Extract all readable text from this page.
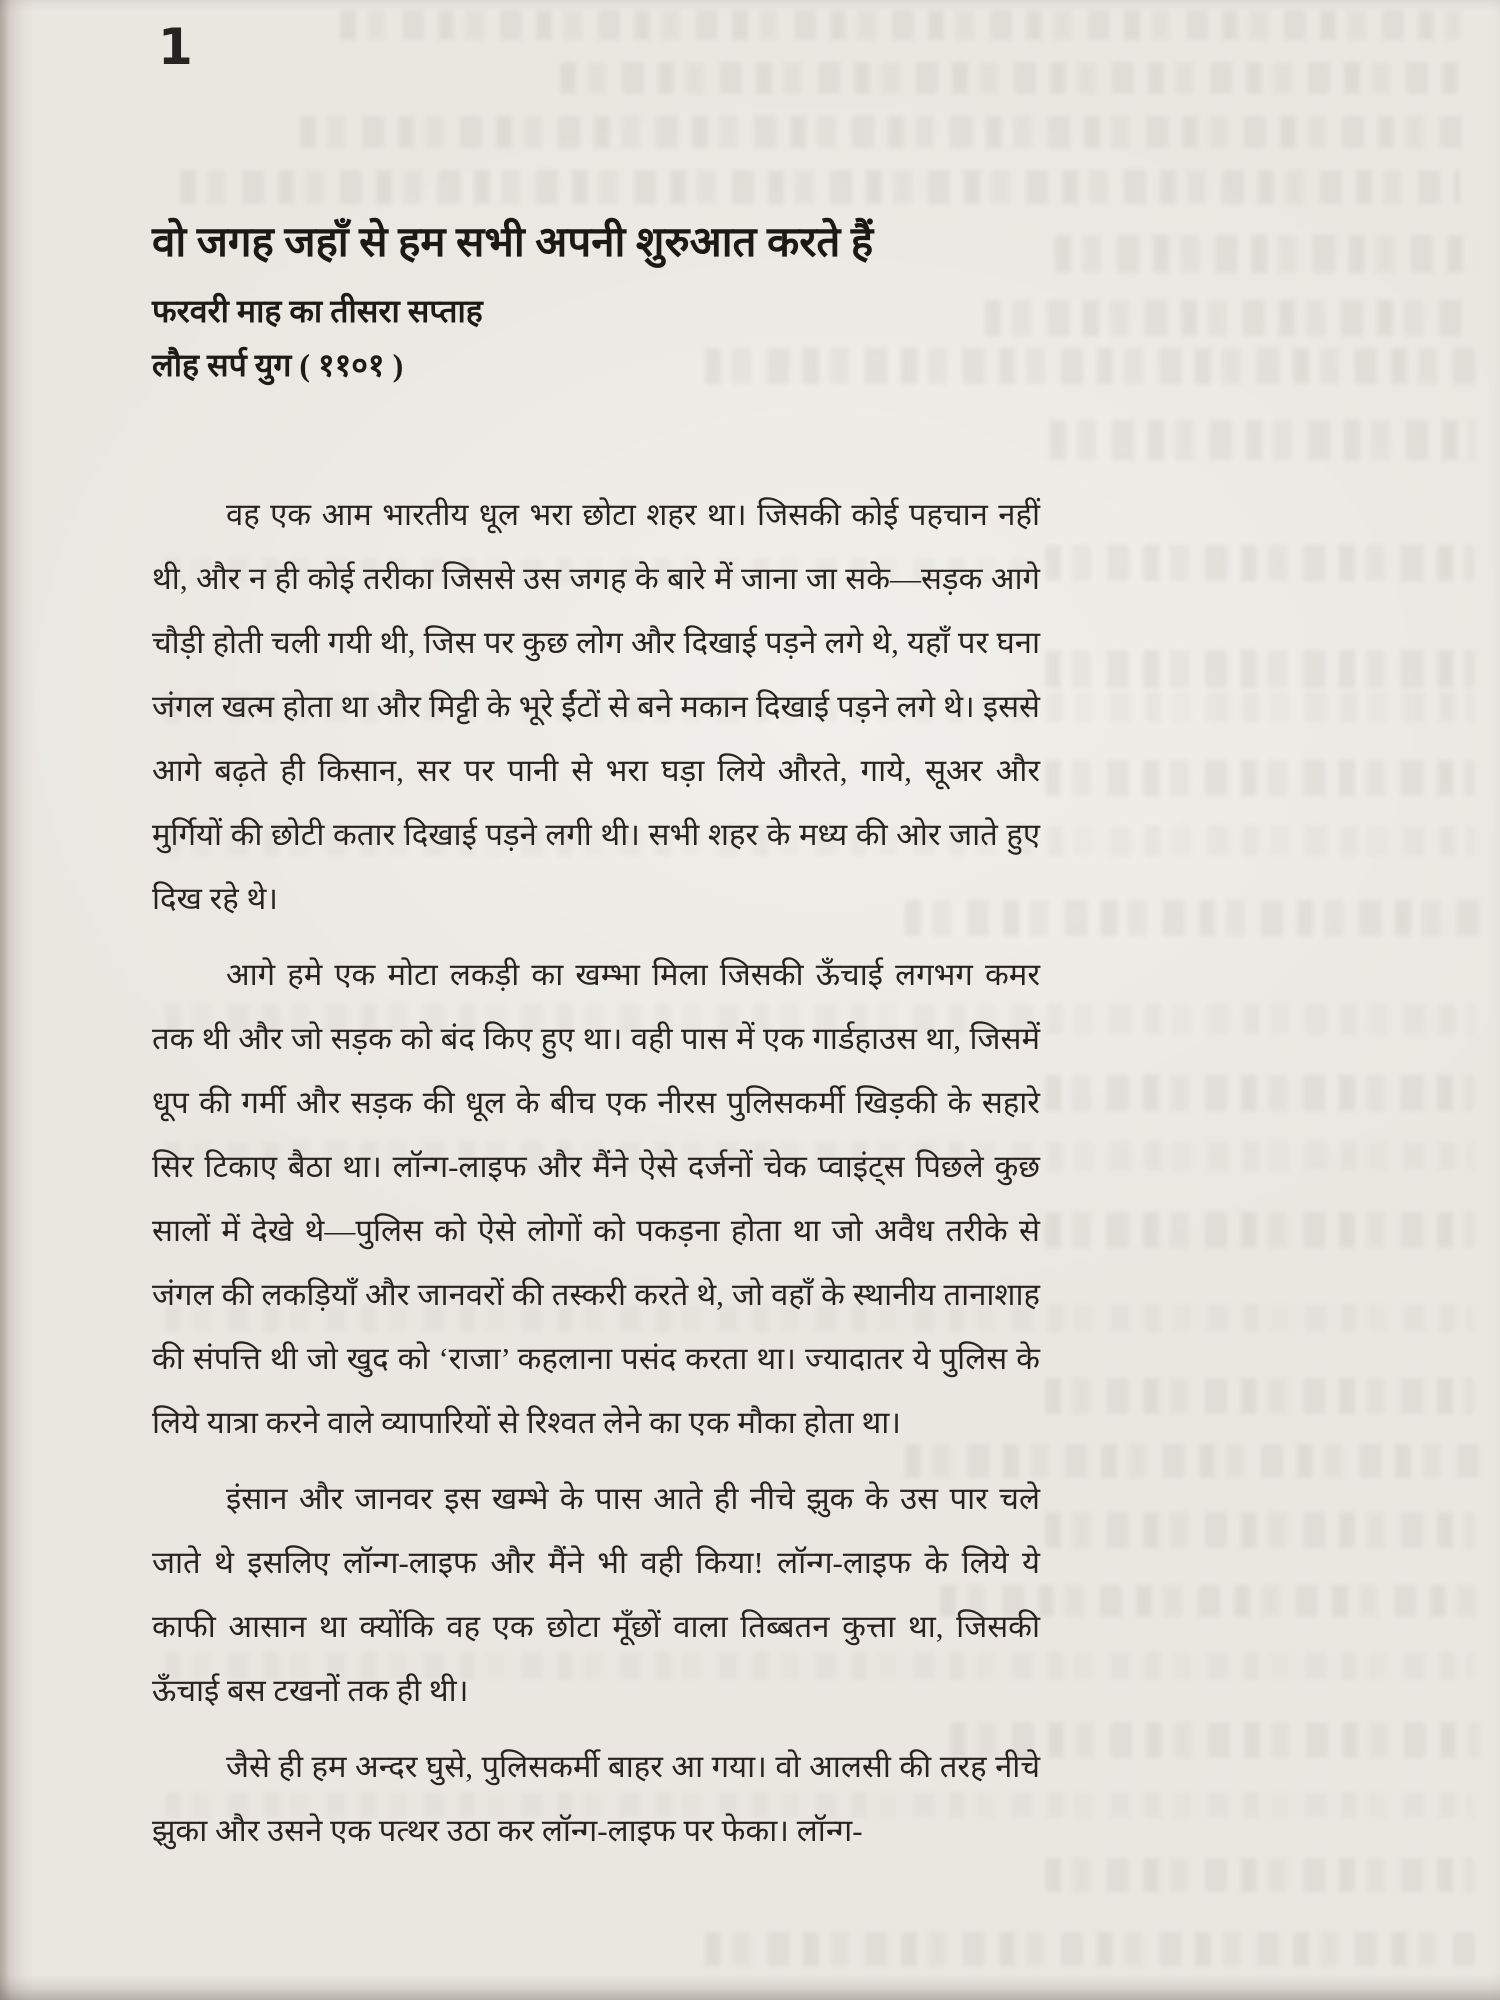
1
वो जगह जहाँ से हम सभी अपनी शुरुआत करते हैं
फरवरी माह का तीसरा सप्ताह
लौह सर्प युग ( ११०१ )

वह एक आम भारतीय धूल भरा छोटा शहर था। जिसकी कोई पहचान नहीं थी, और न ही कोई तरीका जिससे उस जगह के बारे में जाना जा सके—सड़क आगे चौड़ी होती चली गयी थी, जिस पर कुछ लोग और दिखाई पड़ने लगे थे, यहाँ पर घना जंगल खत्म होता था और मिट्टी के भूरे ईंटों से बने मकान दिखाई पड़ने लगे थे। इससे आगे बढ़ते ही किसान, सर पर पानी से भरा घड़ा लिये औरते, गाये, सूअर और मुर्गियों की छोटी कतार दिखाई पड़ने लगी थी। सभी शहर के मध्य की ओर जाते हुए दिख रहे थे।

आगे हमे एक मोटा लकड़ी का खम्भा मिला जिसकी ऊँचाई लगभग कमर तक थी और जो सड़क को बंद किए हुए था। वही पास में एक गार्डहाउस था, जिसमें धूप की गर्मी और सड़क की धूल के बीच एक नीरस पुलिसकर्मी खिड़की के सहारे सिर टिकाए बैठा था। लॉन्ग-लाइफ और मैंने ऐसे दर्जनों चेक प्वाइंट्स पिछले कुछ सालों में देखे थे—पुलिस को ऐसे लोगों को पकड़ना होता था जो अवैध तरीके से जंगल की लकड़ियाँ और जानवरों की तस्करी करते थे, जो वहाँ के स्थानीय तानाशाह की संपत्ति थी जो खुद को ‘राजा’ कहलाना पसंद करता था। ज्यादातर ये पुलिस के लिये यात्रा करने वाले व्यापारियों से रिश्वत लेने का एक मौका होता था।

इंसान और जानवर इस खम्भे के पास आते ही नीचे झुक के उस पार चले जाते थे इसलिए लॉन्ग-लाइफ और मैंने भी वही किया! लॉन्ग-लाइफ के लिये ये काफी आसान था क्योंकि वह एक छोटा मूँछों वाला तिब्बतन कुत्ता था, जिसकी ऊँचाई बस टखनों तक ही थी।

जैसे ही हम अन्दर घुसे, पुलिसकर्मी बाहर आ गया। वो आलसी की तरह नीचे झुका और उसने एक पत्थर उठा कर लॉन्ग-लाइफ पर फेका। लॉन्ग-
